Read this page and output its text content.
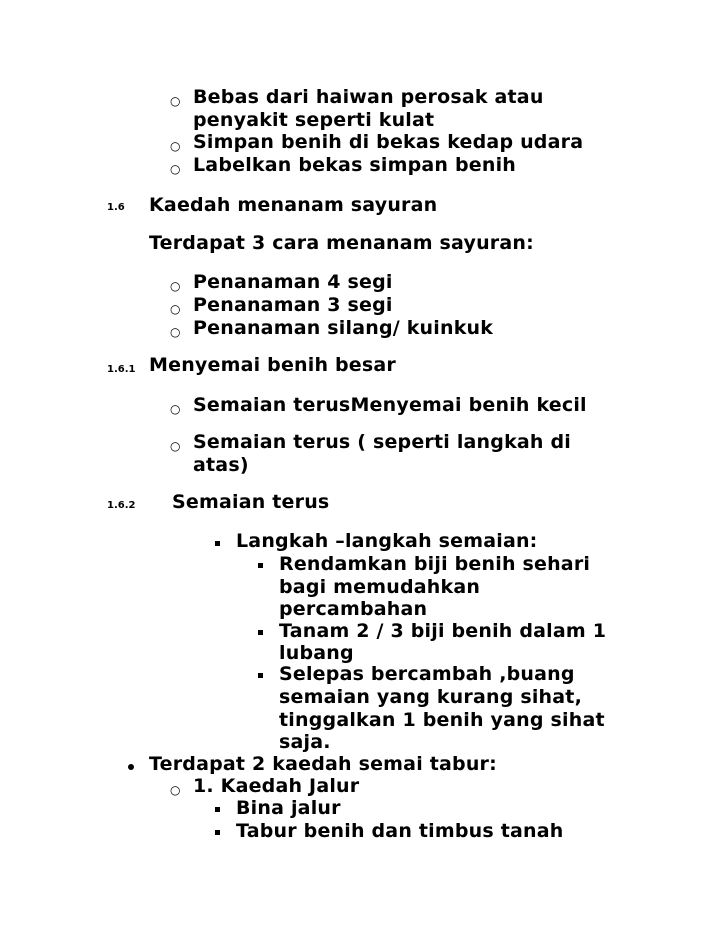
○ Bebas dari haiwan perosak atau
penyakit seperti kulat
○ Simpan benih di bekas kedap udara
○ Labelkan bekas simpan benih
1.6 Kaedah menanam sayuran
Terdapat 3 cara menanam sayuran:
○ Penanaman 4 segi
○ Penanaman 3 segi
○ Penanaman silang/ kuinkuk
1.6.1 Menyemai benih besar
○ Semaian terusMenyemai benih kecil
○ Semaian terus ( seperti langkah di
atas)
1.6.2 Semaian terus
Langkah –langkah semaian:
Rendamkan biji benih sehari
bagi memudahkan
percambahan
Tanam 2 / 3 biji benih dalam 1
lubang
Selepas bercambah ,buang
semaian yang kurang sihat,
tinggalkan 1 benih yang sihat
saja.
Terdapat 2 kaedah semai tabur:
○ 1. Kaedah Jalur
Bina jalur
Tabur benih dan timbus tanah
